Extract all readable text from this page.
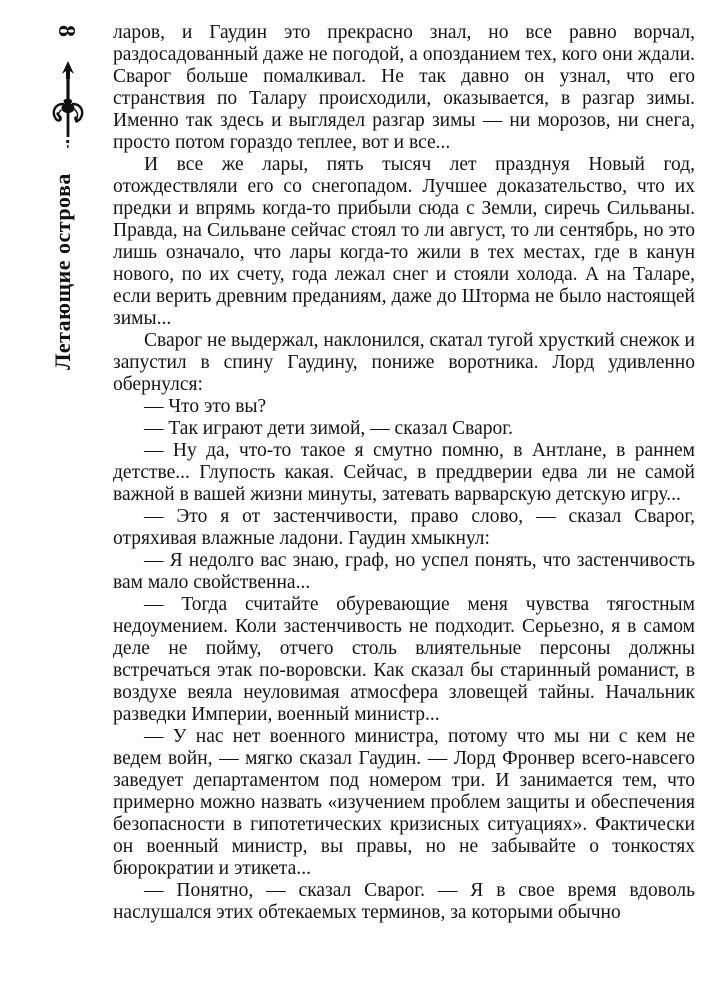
8
Летающие острова

ларов, и Гаудин это прекрасно знал, но все равно ворчал, раздосадованный даже не погодой, а опозданием тех, кого они ждали. Сварог больше помалкивал. Не так давно он узнал, что его странствия по Талару происходили, оказывается, в разгар зимы. Именно так здесь и выглядел разгар зимы — ни морозов, ни снега, просто потом гораздо теплее, вот и все...

И все же лары, пять тысяч лет празднуя Новый год, отождествляли его со снегопадом. Лучшее доказательство, что их предки и впрямь когда-то прибыли сюда с Земли, сиречь Сильваны. Правда, на Сильване сейчас стоял то ли август, то ли сентябрь, но это лишь означало, что лары когда-то жили в тех местах, где в канун нового, по их счету, года лежал снег и стояли холода. А на Таларе, если верить древним преданиям, даже до Шторма не было настоящей зимы...

Сварог не выдержал, наклонился, скатал тугой хрусткий снежок и запустил в спину Гаудину, пониже воротника. Лорд удивленно обернулся:

— Что это вы?

— Так играют дети зимой, — сказал Сварог.

— Ну да, что-то такое я смутно помню, в Антлане, в раннем детстве... Глупость какая. Сейчас, в преддверии едва ли не самой важной в вашей жизни минуты, затевать варварскую детскую игру...

— Это я от застенчивости, право слово, — сказал Сварог, отряхивая влажные ладони. Гаудин хмыкнул:

— Я недолго вас знаю, граф, но успел понять, что застенчивость вам мало свойственна...

— Тогда считайте обуревающие меня чувства тягостным недоумением. Коли застенчивость не подходит. Серьезно, я в самом деле не пойму, отчего столь влиятельные персоны должны встречаться этак по-воровски. Как сказал бы старинный романист, в воздухе веяла неуловимая атмосфера зловещей тайны. Начальник разведки Империи, военный министр...

— У нас нет военного министра, потому что мы ни с кем не ведем войн, — мягко сказал Гаудин. — Лорд Фронвер всего-навсего заведует департаментом под номером три. И занимается тем, что примерно можно назвать «изучением проблем защиты и обеспечения безопасности в гипотетических кризисных ситуациях». Фактически он военный министр, вы правы, но не забывайте о тонкостях бюрократии и этикета...

— Понятно, — сказал Сварог. — Я в свое время вдоволь наслушался этих обтекаемых терминов, за которыми обычно
